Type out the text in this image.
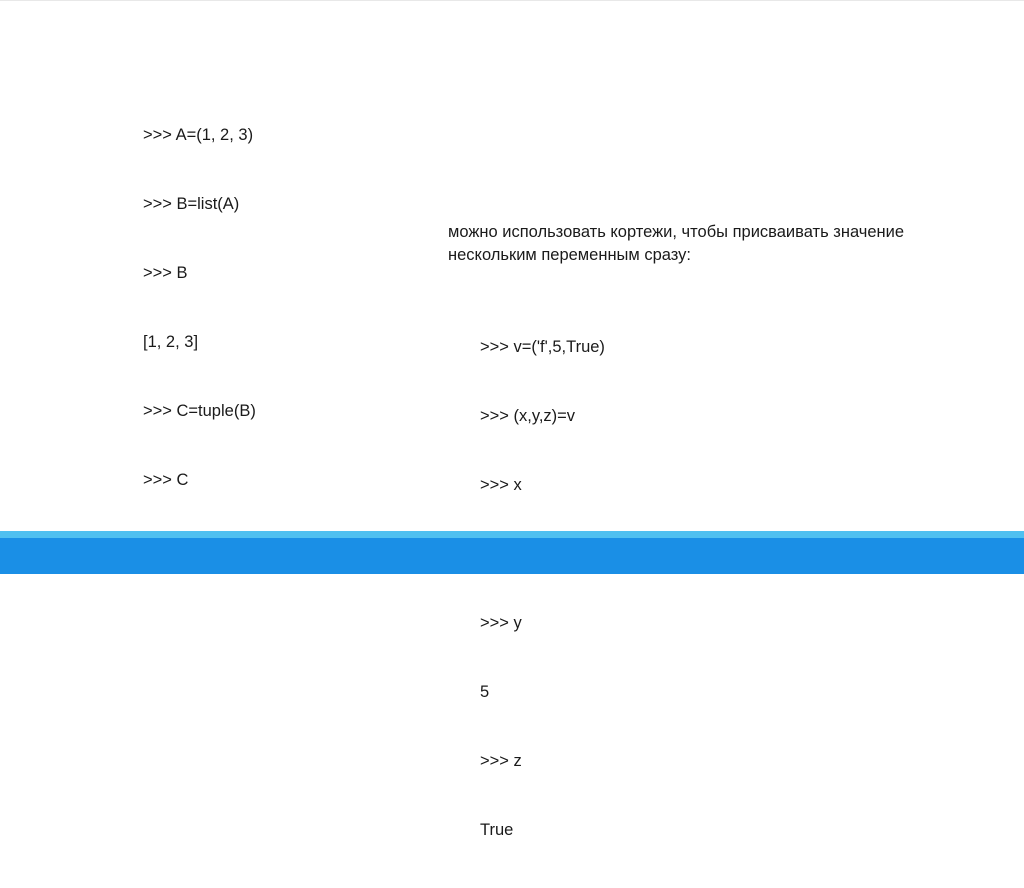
>>> A=(1, 2, 3)

>>> B=list(A)

>>> B

[1, 2, 3]

>>> C=tuple(B)

>>> C

можно использовать кортежи, чтобы присваивать значение
нескольким переменным сразу:

>>> v=('f',5,True)

>>> (x,y,z)=v

>>> x

>>> y

5

>>> z

True
